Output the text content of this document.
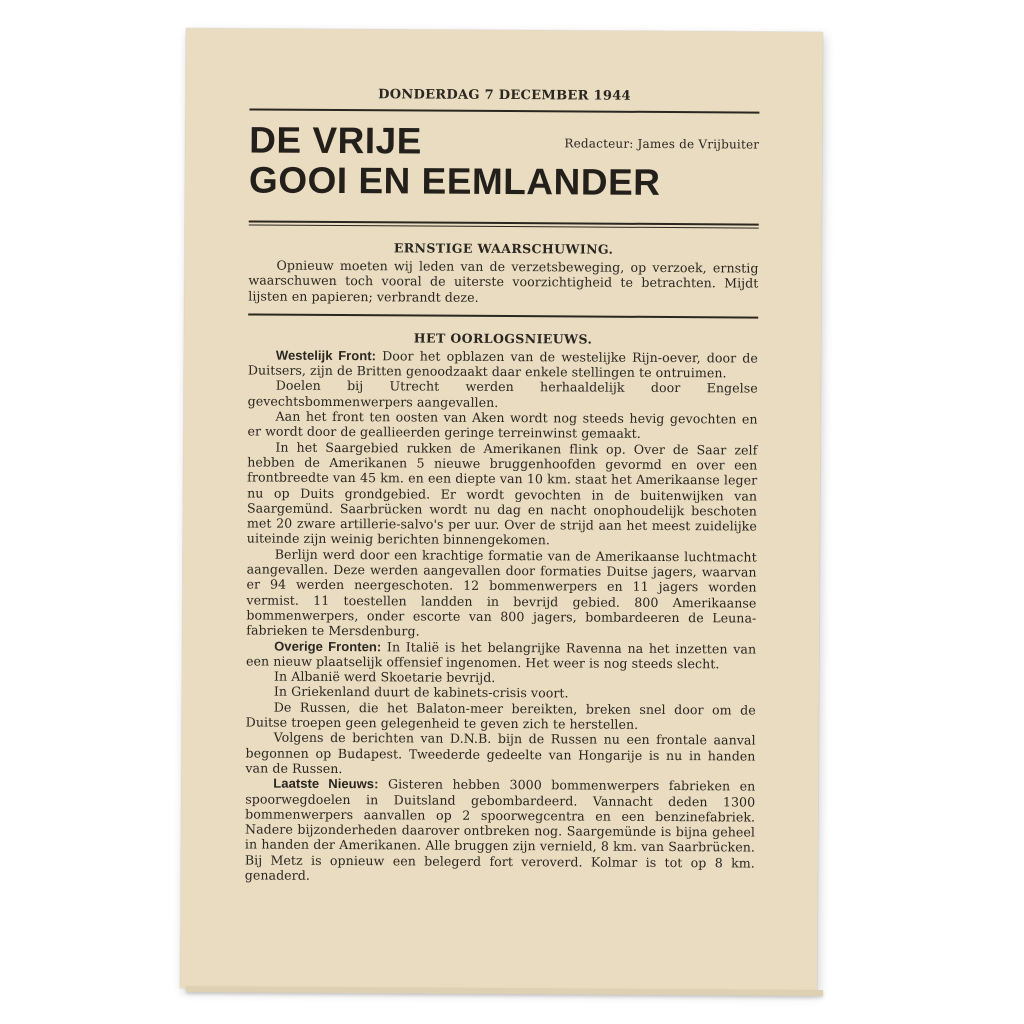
DONDERDAG 7 DECEMBER 1944
DE VRIJE
GOOI EN EEMLANDER
Redacteur: James de Vrijbuiter
ERNSTIGE WAARSCHUWING.

Opnieuw moeten wij leden van de verzetsbeweging, op verzoek, ernstig waarschuwen toch vooral de uiterste voorzichtigheid te betrachten. Mijdt lijsten en papieren; verbrandt deze.

HET OORLOGSNIEUWS.

Westelijk Front: Door het opblazen van de westelijke Rijn-oever, door de Duitsers, zijn de Britten genoodzaakt daar enkele stellingen te ontruimen.

Doelen bij Utrecht werden herhaaldelijk door Engelse gevechtsbommenwerpers aangevallen.

Aan het front ten oosten van Aken wordt nog steeds hevig gevochten en er wordt door de geallieerden geringe terreinwinst gemaakt.

In het Saargebied rukken de Amerikanen flink op. Over de Saar zelf hebben de Amerikanen 5 nieuwe bruggenhoofden gevormd en over een frontbreedte van 45 km. en een diepte van 10 km. staat het Amerikaanse leger nu op Duits grondgebied. Er wordt gevochten in de buitenwijken van Saargemünd. Saarbrücken wordt nu dag en nacht onophoudelijk beschoten met 20 zware artillerie-salvo's per uur. Over de strijd aan het meest zuidelijke uiteinde zijn weinig berichten binnengekomen.

Berlijn werd door een krachtige formatie van de Amerikaanse luchtmacht aangevallen. Deze werden aangevallen door formaties Duitse jagers, waarvan er 94 werden neergeschoten. 12 bommenwerpers en 11 jagers worden vermist. 11 toestellen landden in bevrijd gebied. 800 Amerikaanse bommenwerpers, onder escorte van 800 jagers, bombardeeren de Leuna-fabrieken te Mersdenburg.

Overige Fronten: In Italië is het belangrijke Ravenna na het inzetten van een nieuw plaatselijk offensief ingenomen. Het weer is nog steeds slecht.

In Albanië werd Skoetarie bevrijd.

In Griekenland duurt de kabinets-crisis voort.

De Russen, die het Balaton-meer bereikten, breken snel door om de Duitse troepen geen gelegenheid te geven zich te herstellen.

Volgens de berichten van D.N.B. bijn de Russen nu een frontale aanval begonnen op Budapest. Tweederde gedeelte van Hongarije is nu in handen van de Russen.

Laatste Nieuws: Gisteren hebben 3000 bommenwerpers fabrieken en spoorwegdoelen in Duitsland gebombardeerd. Vannacht deden 1300 bommenwerpers aanvallen op 2 spoorwegcentra en een benzinefabriek. Nadere bijzonderheden daarover ontbreken nog. Saargemünde is bijna geheel in handen der Amerikanen. Alle bruggen zijn vernield, 8 km. van Saarbrücken. Bij Metz is opnieuw een belegerd fort veroverd. Kolmar is tot op 8 km. genaderd.
